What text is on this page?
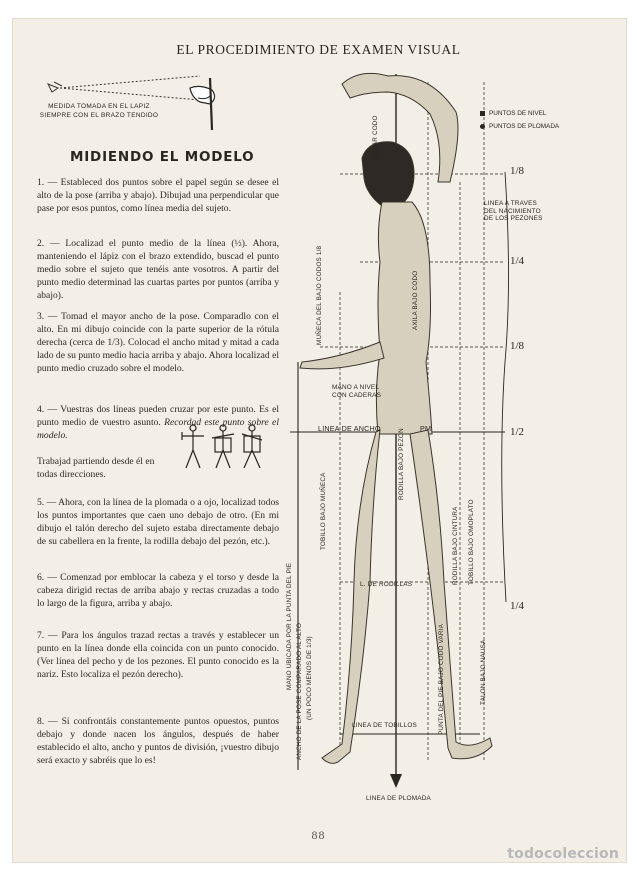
EL PROCEDIMIENTO DE EXAMEN VISUAL
MEDIDA TOMADA EN EL LAPIZ
SIEMPRE CON EL BRAZO TENDIDO
MIDIENDO EL MODELO
1. — Estableced dos puntos sobre el papel según se desee el alto de la pose (arriba y abajo). Dibujad una perpendicular que pase por esos puntos, como línea media del sujeto.
2. — Localizad el punto medio de la línea (½). Ahora, manteniendo el lápiz con el brazo extendido, buscad el punto medio sobre el sujeto que tenéis ante vosotros. A partir del punto medio determinad las cuartas partes por puntos (arriba y abajo).
3. — Tomad el mayor ancho de la pose. Comparadlo con el alto. En mi dibujo coincide con la parte superior de la rótula derecha (cerca de 1/3). Colocad el ancho mitad y mitad a cada lado de su punto medio hacia arriba y abajo. Ahora localizad el punto medio cruzado sobre el modelo.
4. — Vuestras dos líneas pueden cruzar por este punto. Es el punto medio de vuestro asunto. Recordad este punto sobre el modelo.
Trabajad partiendo desde él en todas direcciones.
5. — Ahora, con la línea de la plomada o a ojo, localizad todos los puntos importantes que caen uno debajo de otro. (En mi dibujo el talón derecho del sujeto estaba directamente debajo de su cabellera en la frente, la rodilla debajo del pezón, etc.).
6. — Comenzad por emblocar la cabeza y el torso y desde la cabeza dirigid rectas de arriba abajo y rectas cruzadas a todo lo largo de la figura, arriba y abajo.
7. — Para los ángulos trazad rectas a través y establecer un punto en la línea donde ella coincida con un punto conocido. (Ver línea del pecho y de los pezones. El punto conocido es la nariz. Esto localiza el pezón derecho).
8. — Si confrontáis constantemente puntos opuestos, puntos debajo y donde nacen los ángulos, después de haber establecido el alto, ancho y puntos de división, ¡vuestro dibujo será exacto y sabréis que lo es!
PUNTOS DE NIVEL
PUNTOS DE PLOMADA
1/8
1/4
1/8
1/2
1/4
LINEA A TRAVES
DEL NACIMIENTO
DE LOS PEZONES
MANO A NIVEL
CON CADERAS
LINEA DE ANCHO	PM
L. DE RODILLAS
LINEA DE TOBILLOS
LINEA DE PLOMADA
MUÑECA DEL BAJO CODOS 1/8
UBICAR CODO
AXILA BAJO CODO
TOBILLO BAJO MUÑECA
RODILLA BAJO PEZON
RODILLA BAJO CINTURA TOBILLO BAJO OMOPLATO
PUNTA DEL PIE BAJO CODO VARIA	TALON BAJO NAUSA
MANO UBICADA POR LA PUNTA DEL PIE ANCHO DE LA POSE COMPARADO AL ALTO (UN POCO MENOS DE 1/3)
88
todocoleccion
